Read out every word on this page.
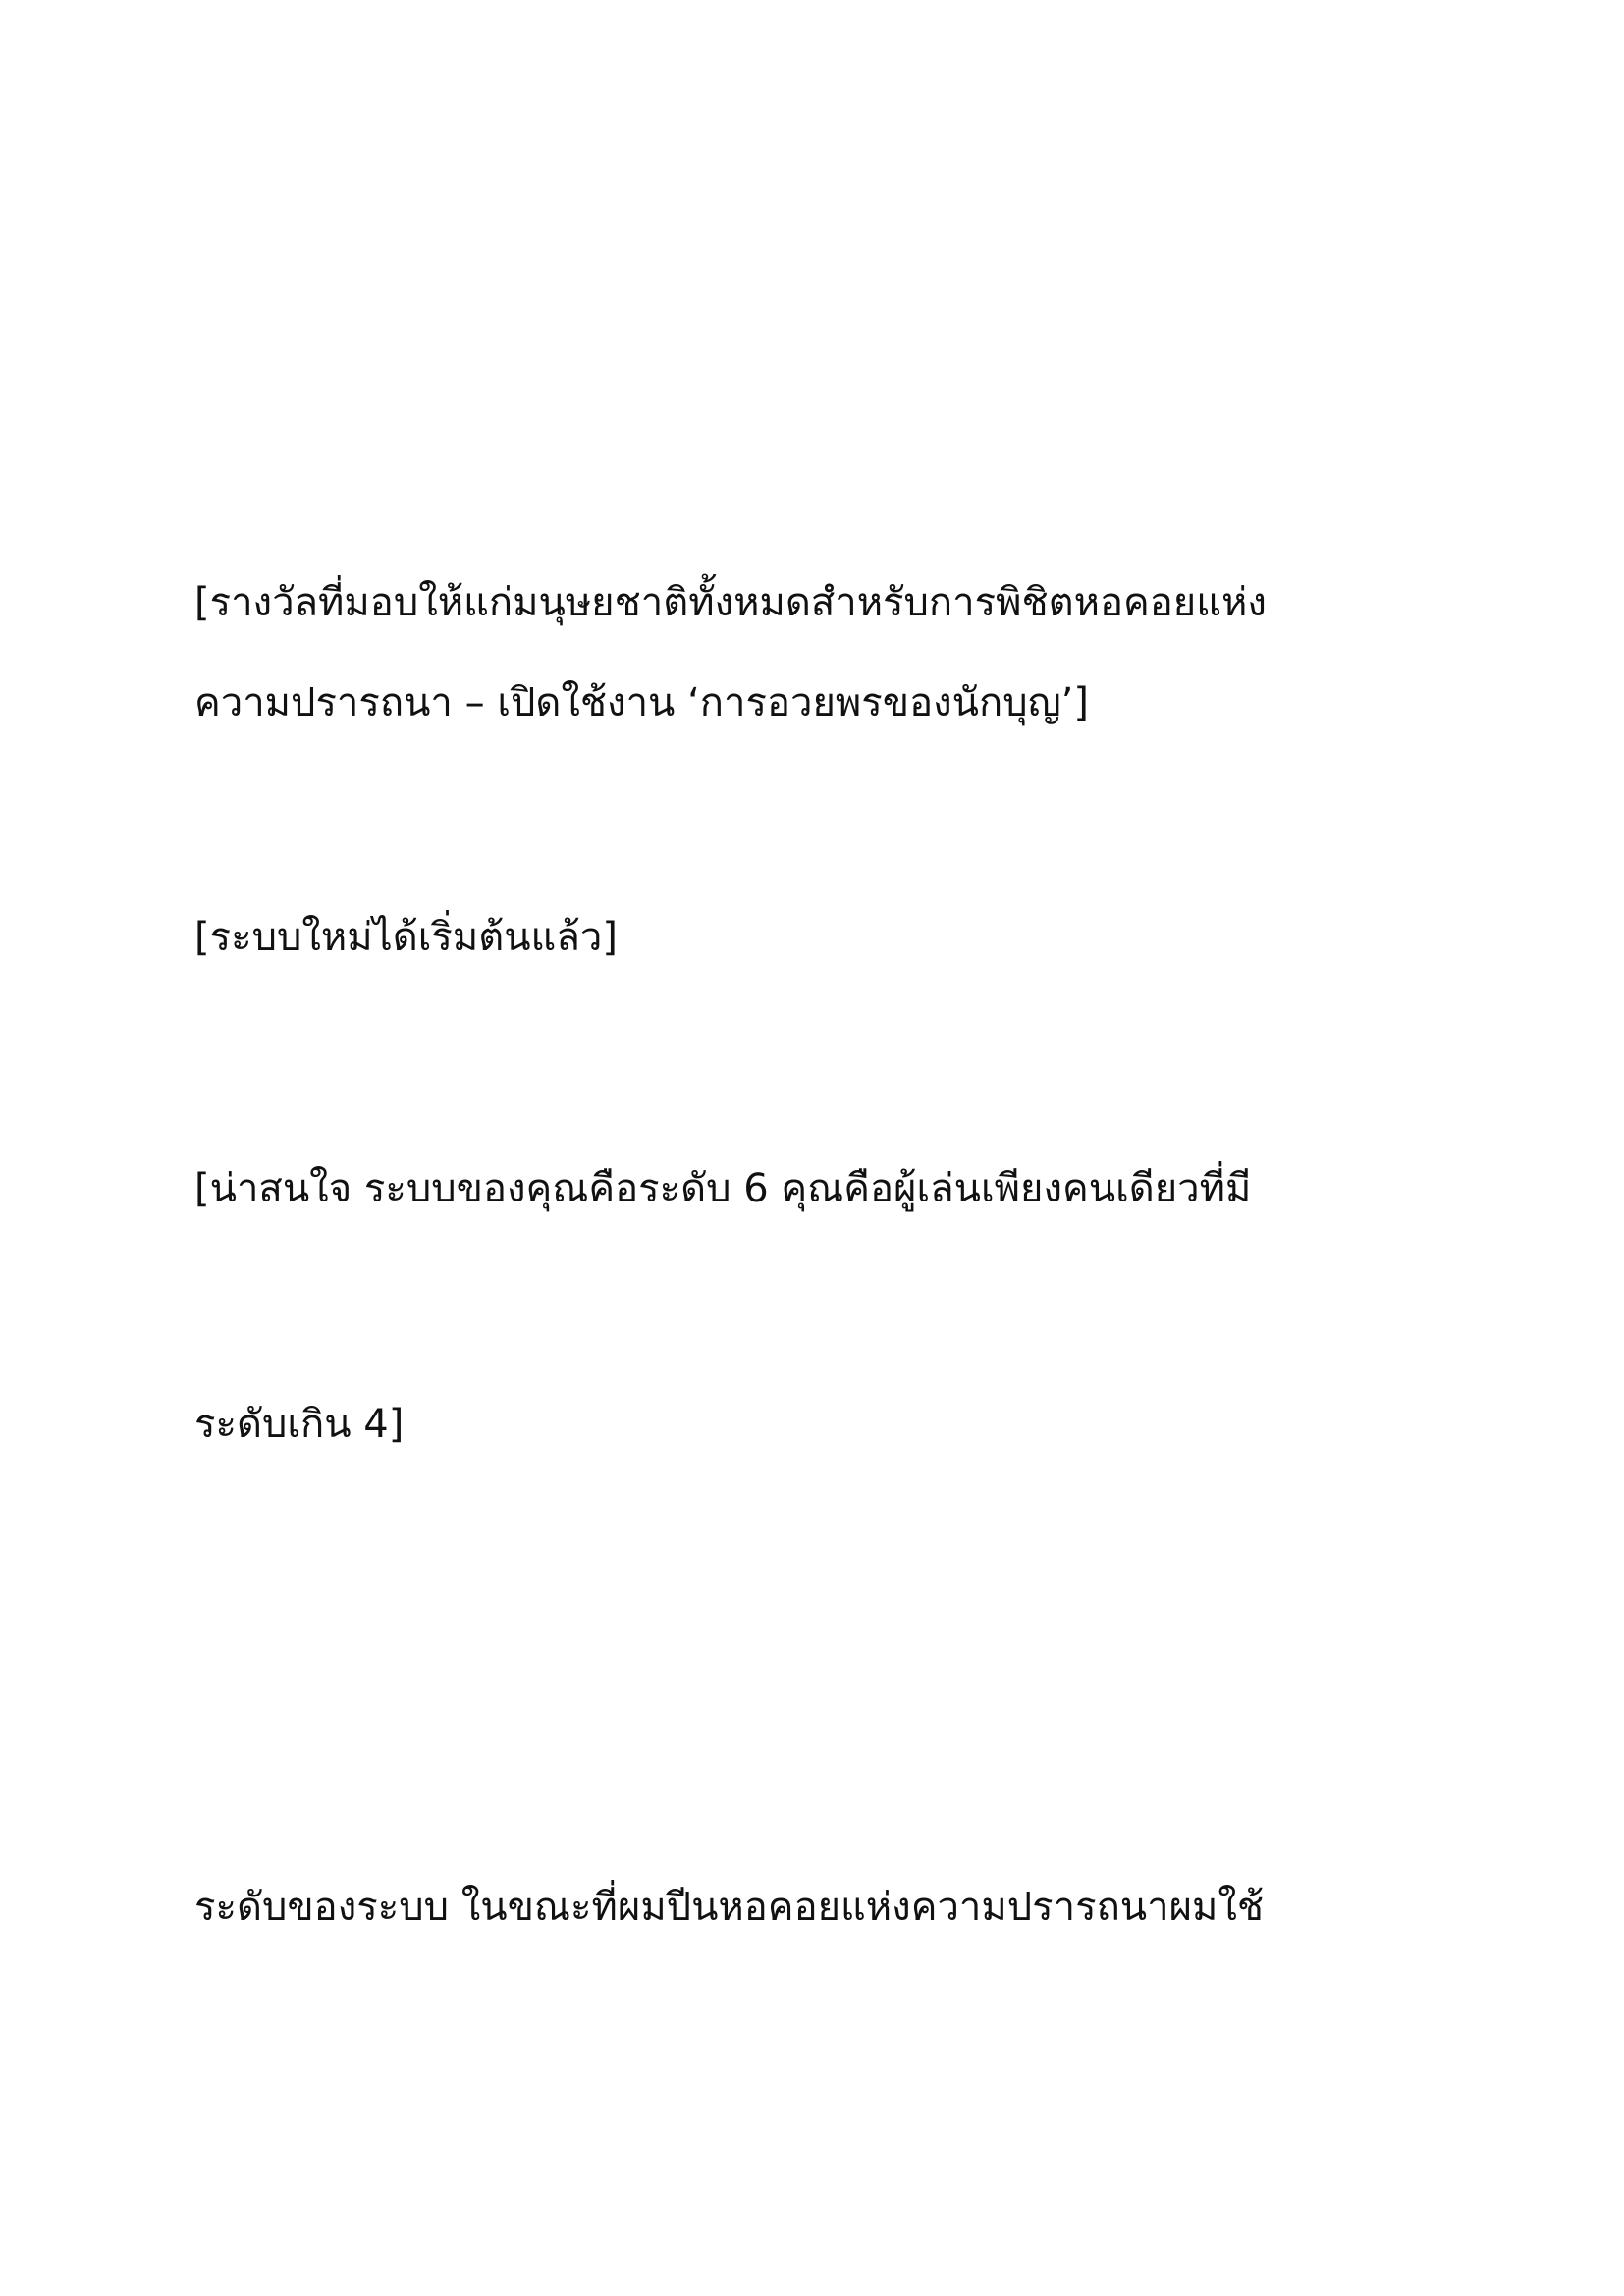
[รางวัลที่มอบให้แก่มนุษยชาติทั้งหมดสำหรับการพิชิตหอคอยแห่ง

ความปรารถนา – เปิดใช้งาน ‘การอวยพรของนักบุญ’]

[ระบบใหม่ได้เริ่มต้นแล้ว]

[น่าสนใจ ระบบของคุณคือระดับ 6 คุณคือผู้เล่นเพียงคนเดียวที่มี

ระดับเกิน 4]

ระดับของระบบ ในขณะที่ผมปีนหอคอยแห่งความปรารถนาผมใช้
